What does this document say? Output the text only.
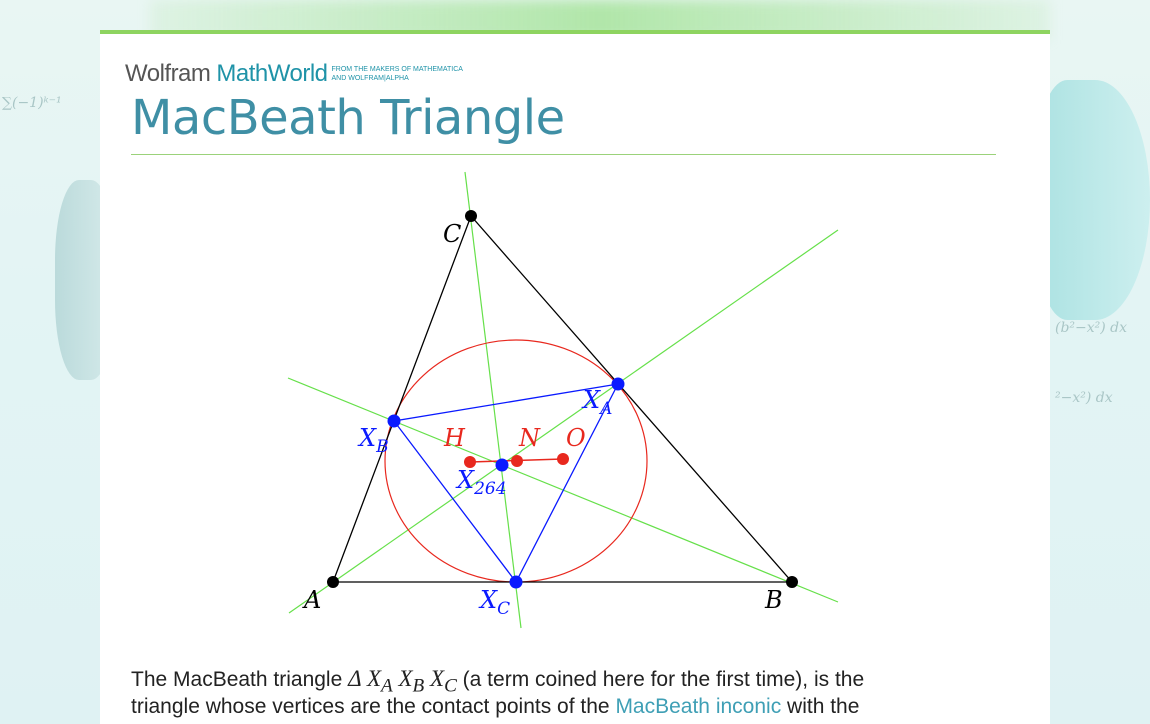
∑(−1)ᵏ⁻¹
(b²−x²) dx
²−x²) dx
Wolfram MathWorld FROM THE MAKERS OF MATHEMATICA
AND WOLFRAM|ALPHA
MacBeath Triangle
The MacBeath triangle Δ $X_A$ $X_B$ $X_C$ (a term coined here for the first time), is the
triangle whose vertices are the contact points of the MacBeath inconic with the
C
A	B
H N O
$X_A$
$X_B$
$X_C$
$X_{264}$
